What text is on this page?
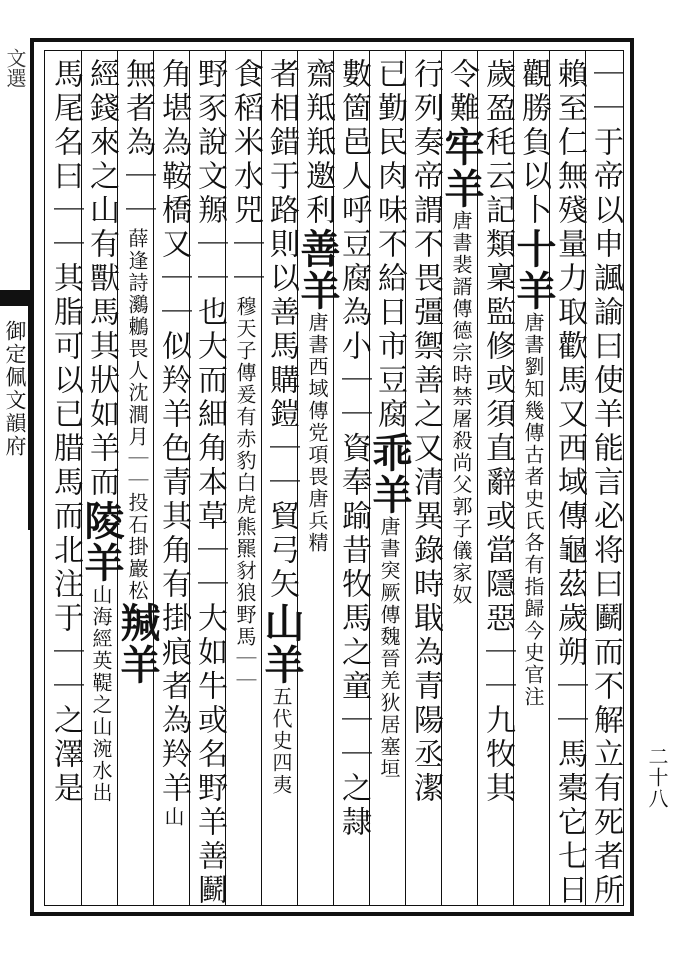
文選
御定佩文韻府
二十八
｜｜于帝以申諷諭曰使羊能言必将曰鬬而不解立有死者所
賴至仁無殘量力取歡馬又西域傳龜茲歲朔｜｜馬橐它七日
觀勝負以卜十羊唐書劉知幾傳古者史氏各有指歸今史官注
歲盈秏云記類稟監修或須直辭或當隱惡｜｜九牧其
令難牢羊唐書裴諝傳德宗時禁屠殺尚父郭子儀家奴
行列奏帝謂不畏彊禦善之又清異錄時戢為青陽丞潔
已勤民肉味不給日市豆腐乖羊唐書突厥傳魏晉羌狄居塞垣
數箇邑人呼豆腐為小｜｜資奉踰昔牧馬之童｜｜之隷
齋羝羝邀利善羊唐書西域傳党項畏唐兵精
者相錯于路則以善馬購鎧｜｜貿弓矢山羊五代史四夷
食稻米水兕｜｜穆天子傳爰有赤豹白虎熊羆豺狼野馬｜｜
野豕說文羱｜｜也大而細角本草｜｜大如牛或名野羊善鬬
角堪為鞍橋又｜｜似羚羊色青其角有掛痕者為羚羊山
無者為｜｜薛逢詩鸂鶒畏人沈澗月｜｜投石掛巖松羬羊
經錢來之山有獸馬其狀如羊而陵羊山海經英鞮之山涴水出
馬尾名曰｜｜其脂可以已腊馬而北注于｜｜之澤是
